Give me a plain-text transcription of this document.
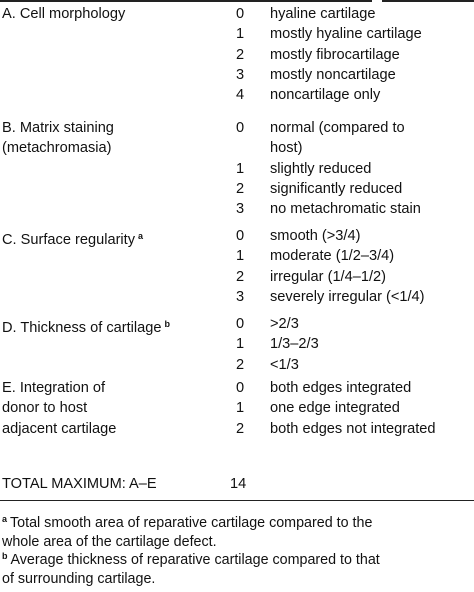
A. Cell morphology	0 hyaline cartilage
1 mostly hyaline cartilage
2 mostly fibrocartilage
3 mostly noncartilage
4 noncartilage only
B. Matrix staining
(metachromasia)
0 normal (compared to
host)
1 slightly reduced
2 significantly reduced
3 no metachromatic stain
C. Surface regularity $^a$	0 smooth (>3/4)
1 moderate (1/2–3/4)
2 irregular (1/4–1/2)
3 severely irregular (<1/4)
D. Thickness of cartilage $^b$	0 >2/3
1 1/3–2/3
2 <1/3
E. Integration of
donor to host
adjacent cartilage
0 both edges integrated
1 one edge integrated
2 both edges not integrated
TOTAL MAXIMUM: A–E	14
$^a$ Total smooth area of reparative cartilage compared to the
whole area of the cartilage defect.
$^b$ Average thickness of reparative cartilage compared to that
of surrounding cartilage.
